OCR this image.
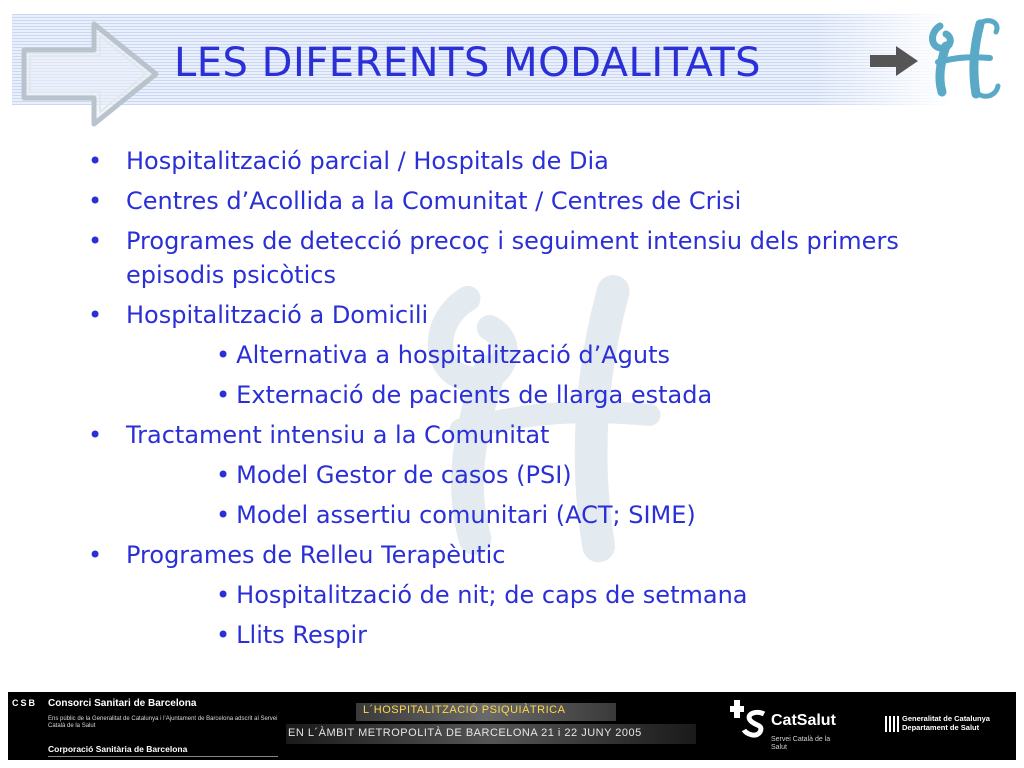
LES DIFERENTS MODALITATS
• Hospitalització parcial / Hospitals de Dia
• Centres d’Acollida a la Comunitat / Centres de Crisi
• Programes de detecció precoç i seguiment intensiu dels primers episodis psicòtics
• Hospitalització a Domicili
• Alternativa a hospitalització d’Aguts
• Externació de pacients de llarga estada
• Tractament intensiu a la Comunitat
• Model Gestor de casos (PSI)
• Model assertiu comunitari (ACT; SIME)
• Programes de Relleu Terapèutic
• Hospitalització de nit; de caps de setmana
• Llits Respir
CSB Consorci Sanitari de Barcelona
Ens públic de la Generalitat de Catalunya i l’Ajuntament de Barcelona adscrit al Servei Català de la Salut
Corporació Sanitària de Barcelona
L´HOSPITALITZACIÓ PSIQUIÀTRICA
EN L´ÀMBIT METROPOLITÀ DE BARCELONA 21 i 22 JUNY 2005
CatSalut
Servei Català de la Salut
Generalitat de Catalunya
Departament de Salut
